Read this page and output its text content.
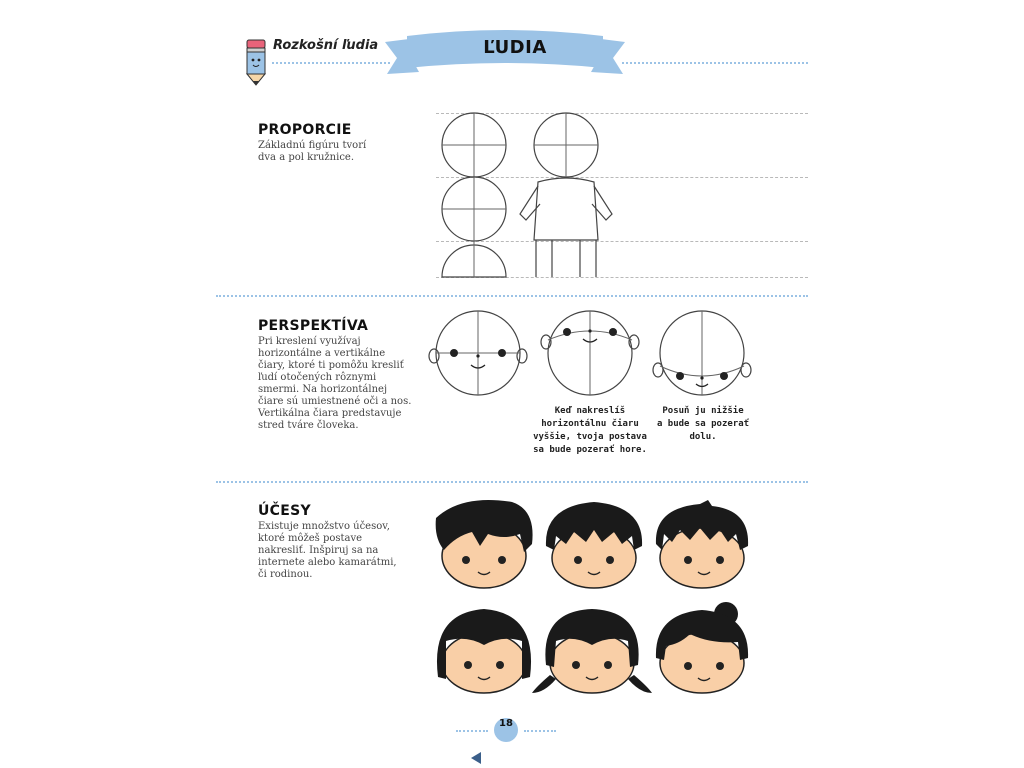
Rozkošní ľudia	ĽUDIA
PROPORCIE
Základnú figúru tvorí
dva a pol kružnice.
PERSPEKTÍVA
Pri kreslení využívaj
horizontálne a vertikálne
čiary, ktoré ti pomôžu kresliť
ľudí otočených rôznymi
smermi. Na horizontálnej
čiare sú umiestnené oči a nos.
Vertikálna čiara predstavuje
stred tváre človeka.
Keď nakreslíš
horizontálnu čiaru
vyššie, tvoja postava
sa bude pozerať hore.
Posuň ju nižšie
a bude sa pozerať
dolu.
ÚČESY
Existuje množstvo účesov,
ktoré môžeš postave
nakresliť. Inšpiruj sa na
internete alebo kamarátmi,
či rodinou.
18
